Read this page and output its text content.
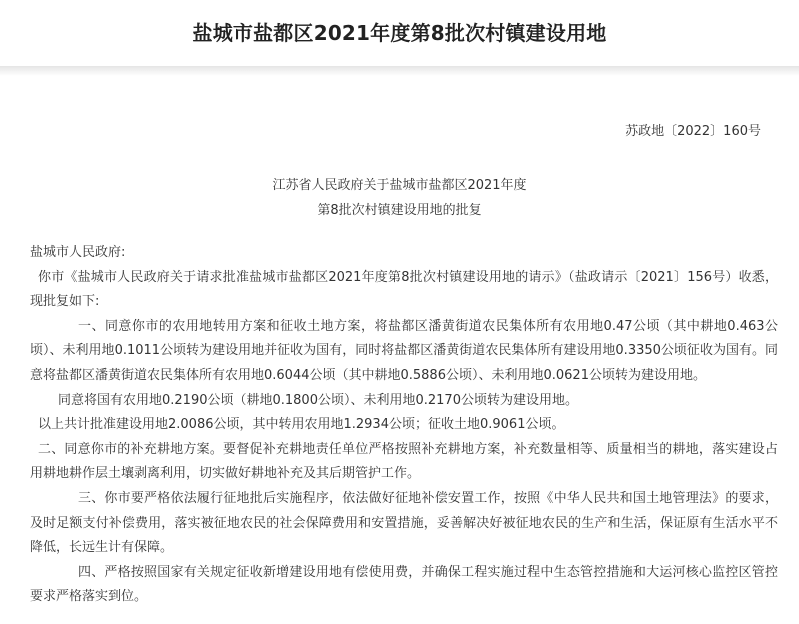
盐城市盐都区2021年度第8批次村镇建设用地
苏政地〔2022〕160号
江苏省人民政府关于盐城市盐都区2021年度
第8批次村镇建设用地的批复

盐城市人民政府:

你市《盐城市人民政府关于请求批准盐城市盐都区2021年度第8批次村镇建设用地的请示》（盐政请示〔2021〕156号）收悉，现批复如下:

一、同意你市的农用地转用方案和征收土地方案，将盐都区潘黄街道农民集体所有农用地0.47公顷（其中耕地0.463公顷）、未利用地0.1011公顷转为建设用地并征收为国有，同时将盐都区潘黄街道农民集体所有建设用地0.3350公顷征收为国有。同意将盐都区潘黄街道农民集体所有农用地0.6044公顷（其中耕地0.5886公顷）、未利用地0.0621公顷转为建设用地。

同意将国有农用地0.2190公顷（耕地0.1800公顷）、未利用地0.2170公顷转为建设用地。

以上共计批准建设用地2.0086公顷，其中转用农用地1.2934公顷；征收土地0.9061公顷。

二、同意你市的补充耕地方案。要督促补充耕地责任单位严格按照补充耕地方案，补充数量相等、质量相当的耕地，落实建设占用耕地耕作层土壤剥离利用，切实做好耕地补充及其后期管护工作。

三、你市要严格依法履行征地批后实施程序，依法做好征地补偿安置工作，按照《中华人民共和国土地管理法》的要求，及时足额支付补偿费用，落实被征地农民的社会保障费用和安置措施，妥善解决好被征地农民的生产和生活，保证原有生活水平不降低，长远生计有保障。

四、严格按照国家有关规定征收新增建设用地有偿使用费，并确保工程实施过程中生态管控措施和大运河核心监控区管控要求严格落实到位。
